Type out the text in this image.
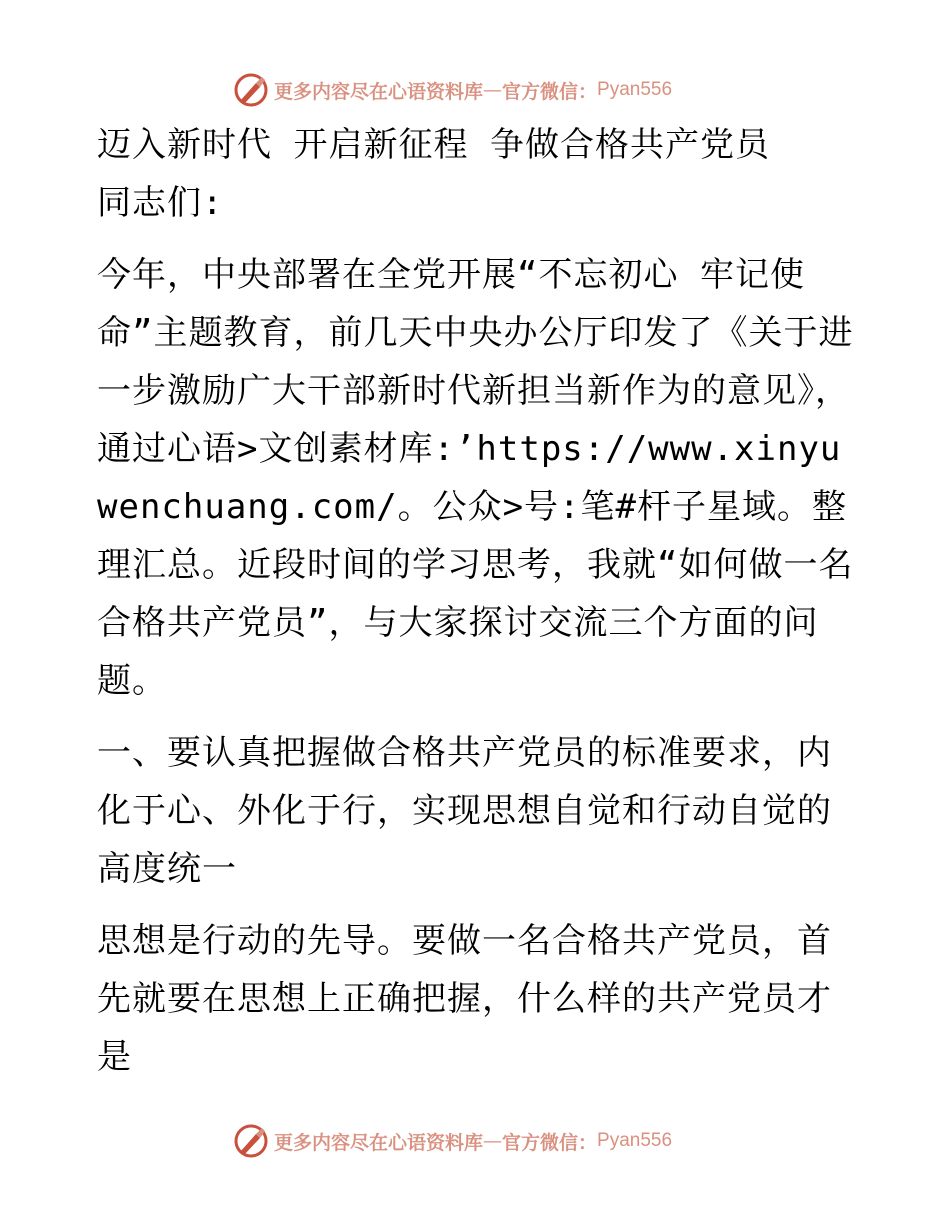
更多内容尽在心语资料库 — 官方微信： Pyan556

迈入新时代 开启新征程 争做合格共产党员

同志们:

今年，中央部署在全党开展“不忘初心 牢记使命”主题教育，前几天中央办公厅印发了《关于进一步激励广大干部新时代新担当新作为的意见》，通过心语>文创素材库:’https://www.xinyuwenchuang.com/。公众>号:笔#杆子星域。整理汇总。近段时间的学习思考，我就“如何做一名合格共产党员”，与大家探讨交流三个方面的问题。

一、要认真把握做合格共产党员的标准要求，内化于心、外化于行，实现思想自觉和行动自觉的高度统一

思想是行动的先导。要做一名合格共产党员，首先就要在思想上正确把握，什么样的共产党员才是

更多内容尽在心语资料库 — 官方微信： Pyan556
